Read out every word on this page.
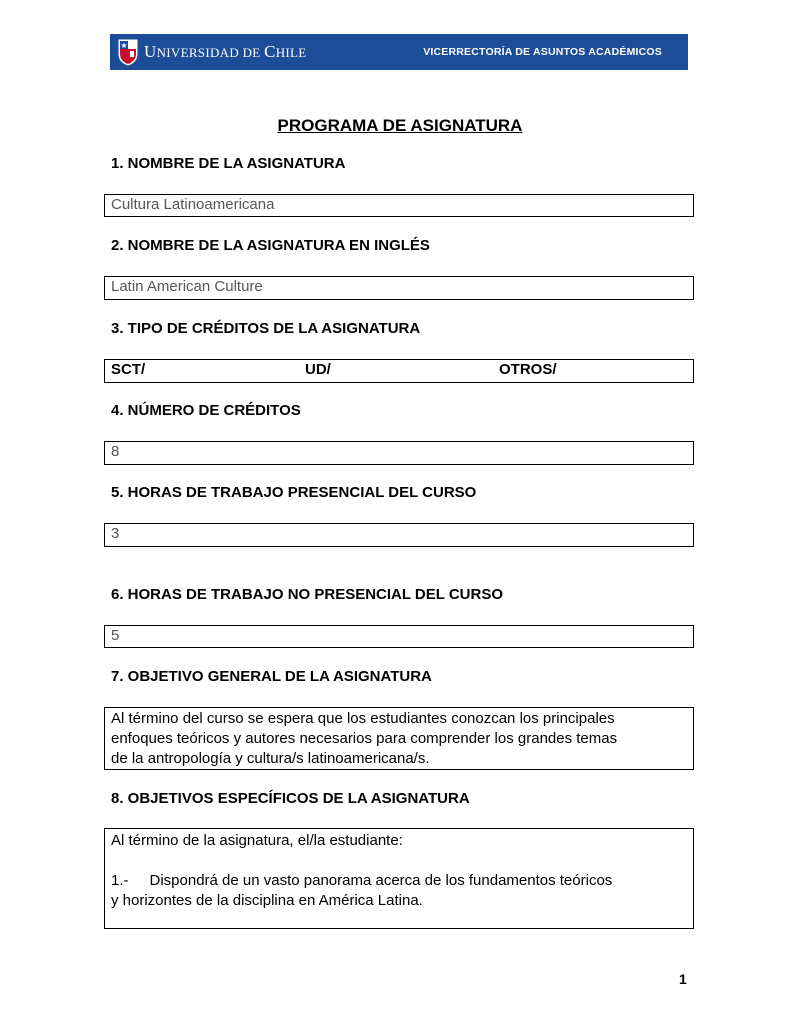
UNIVERSIDAD DE CHILE	VICERRECTORÍA DE ASUNTOS ACADÉMICOS
PROGRAMA DE ASIGNATURA
1. NOMBRE DE LA ASIGNATURA
Cultura Latinoamericana
2. NOMBRE DE LA ASIGNATURA EN INGLÉS
Latin American Culture
3. TIPO DE CRÉDITOS DE LA ASIGNATURA
SCT/	UD/	OTROS/
4. NÚMERO DE CRÉDITOS
8
5. HORAS DE TRABAJO PRESENCIAL DEL CURSO
3
6. HORAS DE TRABAJO NO PRESENCIAL DEL CURSO
5
7. OBJETIVO GENERAL DE LA ASIGNATURA

Al término del curso se espera que los estudiantes conozcan los principales

enfoques teóricos y autores necesarios para comprender los grandes temas

de la antropología y cultura/s latinoamericana/s.

8. OBJETIVOS ESPECÍFICOS DE LA ASIGNATURA

Al término de la asignatura, el/la estudiante:

1.- Dispondrá de un vasto panorama acerca de los fundamentos teóricos

y horizontes de la disciplina en América Latina.

1
